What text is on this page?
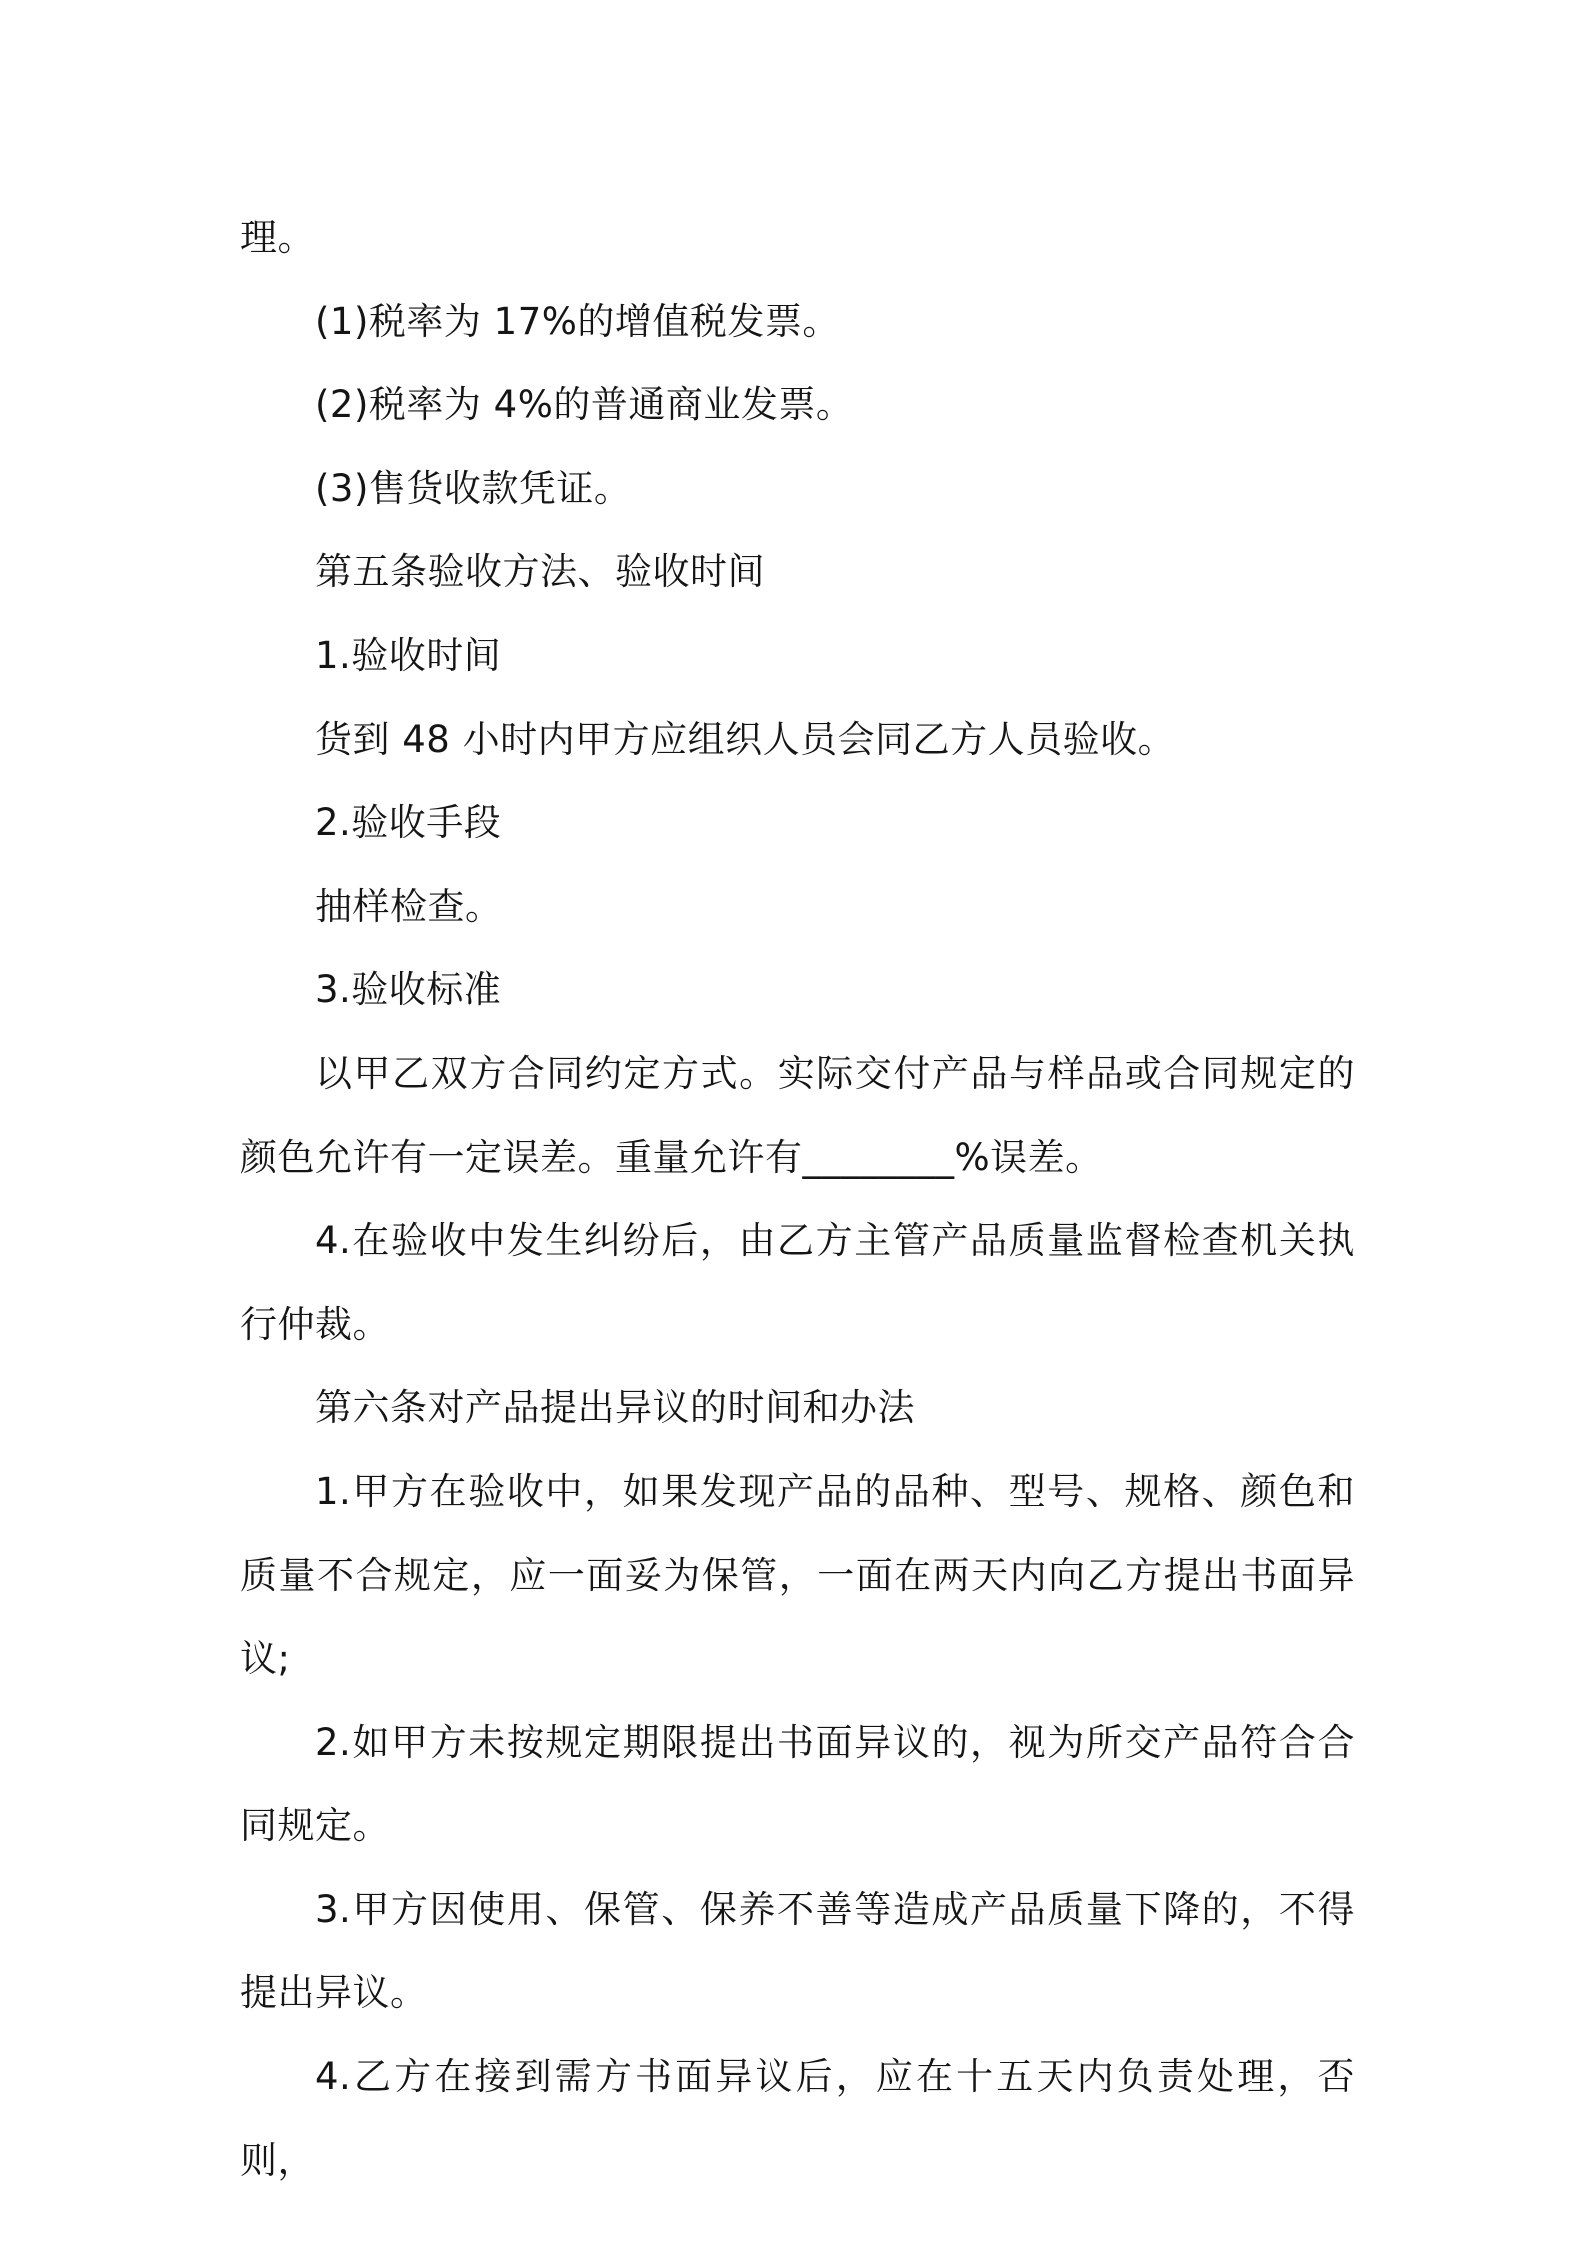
理。

(1)税率为 17%的增值税发票。

(2)税率为 4%的普通商业发票。

(3)售货收款凭证。

第五条验收方法、验收时间

1.验收时间

货到 48 小时内甲方应组织人员会同乙方人员验收。

2.验收手段

抽样检查。

3.验收标准

以甲乙双方合同约定方式。实际交付产品与样品或合同规定的颜色允许有一定误差。重量允许有________%误差。

4.在验收中发生纠纷后，由乙方主管产品质量监督检查机关执行仲裁。

第六条对产品提出异议的时间和办法

1.甲方在验收中，如果发现产品的品种、型号、规格、颜色和质量不合规定，应一面妥为保管，一面在两天内向乙方提出书面异议;

2.如甲方未按规定期限提出书面异议的，视为所交产品符合合同规定。

3.甲方因使用、保管、保养不善等造成产品质量下降的，不得提出异议。

4.乙方在接到需方书面异议后，应在十五天内负责处理，否则，
